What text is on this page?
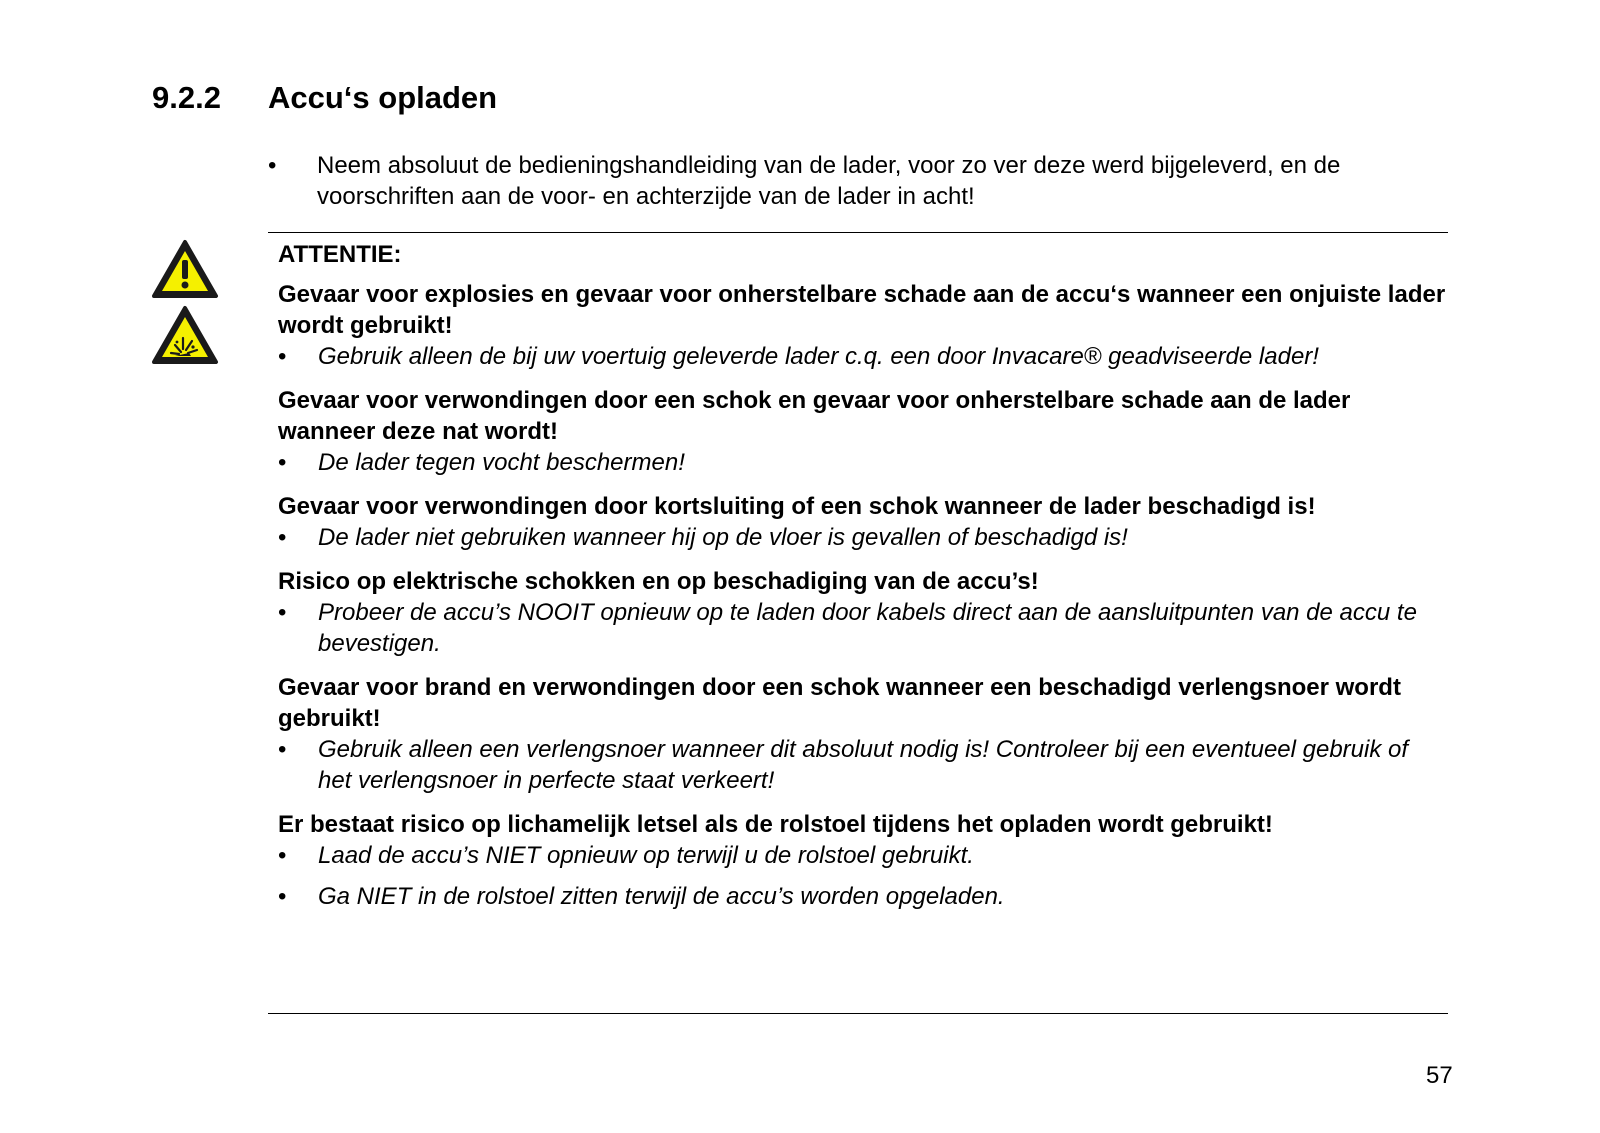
9.2.2 Accu‘s opladen
• Neem absoluut de bedieningshandleiding van de lader, voor zo ver deze werd bijgeleverd, en de voorschriften aan de voor- en achterzijde van de lader in acht!
ATTENTIE:
Gevaar voor explosies en gevaar voor onherstelbare schade aan de accu‘s wanneer een onjuiste lader wordt gebruikt!
• Gebruik alleen de bij uw voertuig geleverde lader c.q. een door Invacare® geadviseerde lader!
Gevaar voor verwondingen door een schok en gevaar voor onherstelbare schade aan de lader wanneer deze nat wordt!
• De lader tegen vocht beschermen!
Gevaar voor verwondingen door kortsluiting of een schok wanneer de lader beschadigd is!
• De lader niet gebruiken wanneer hij op de vloer is gevallen of beschadigd is!
Risico op elektrische schokken en op beschadiging van de accu’s!
• Probeer de accu’s NOOIT opnieuw op te laden door kabels direct aan de aansluitpunten van de accu te bevestigen.
Gevaar voor brand en verwondingen door een schok wanneer een beschadigd verlengsnoer wordt gebruikt!
• Gebruik alleen een verlengsnoer wanneer dit absoluut nodig is! Controleer bij een eventueel gebruik of het verlengsnoer in perfecte staat verkeert!
Er bestaat risico op lichamelijk letsel als de rolstoel tijdens het opladen wordt gebruikt!
• Laad de accu’s NIET opnieuw op terwijl u de rolstoel gebruikt.
• Ga NIET in de rolstoel zitten terwijl de accu’s worden opgeladen.
57
